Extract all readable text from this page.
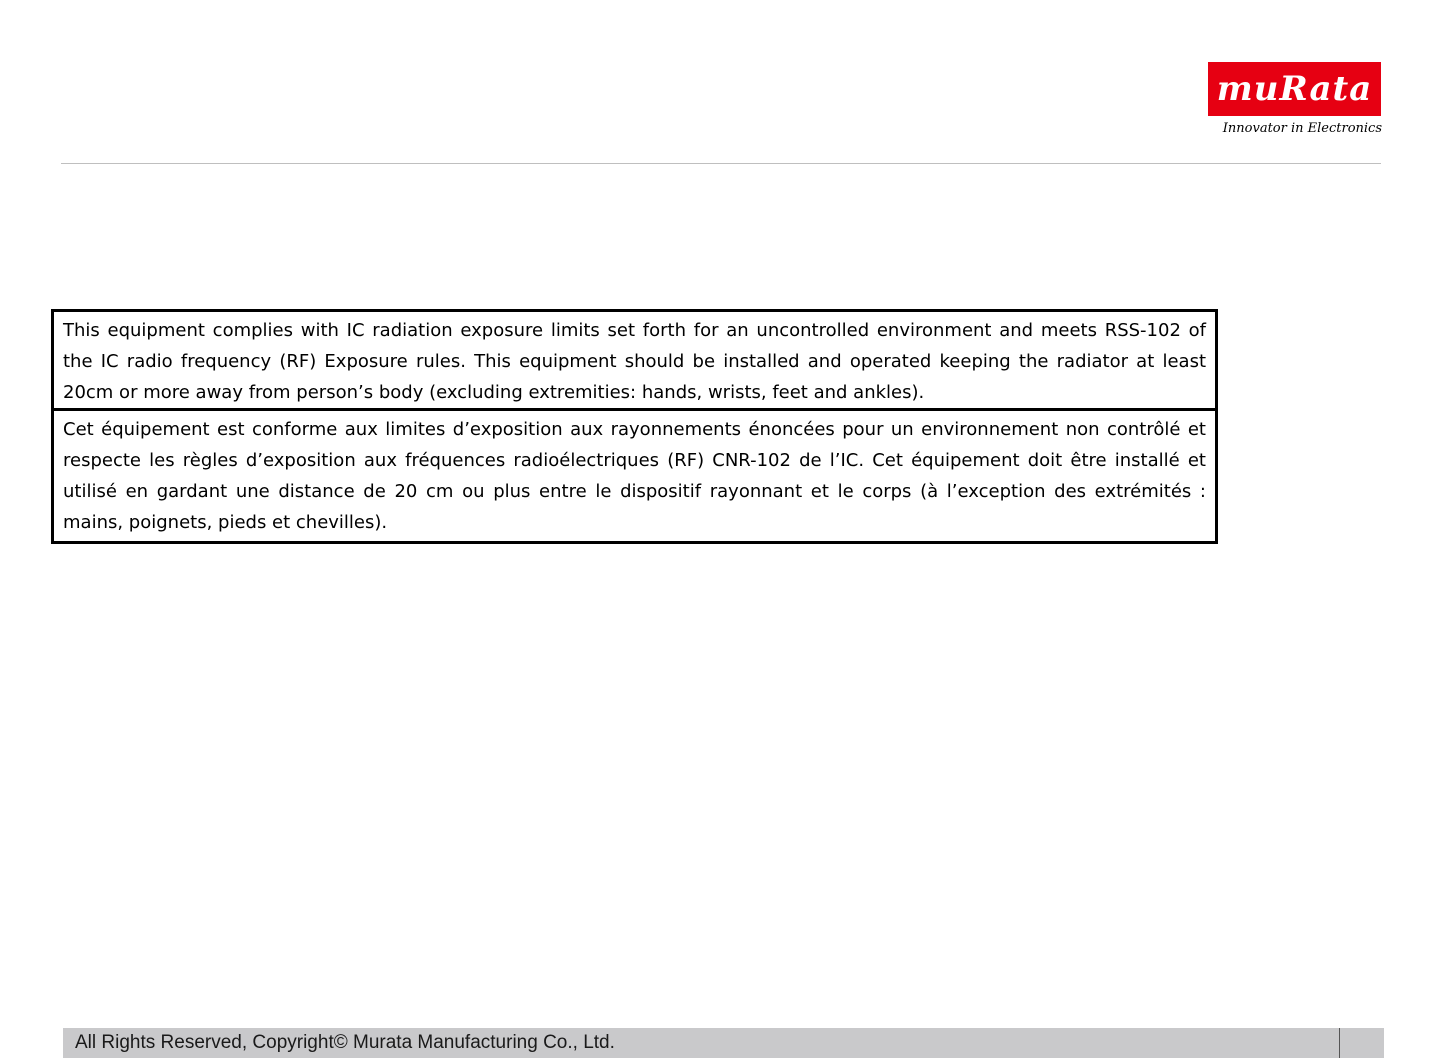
muRata
Innovator in Electronics
This equipment complies with IC radiation exposure limits set forth for an uncontrolled environment and meets RSS-102 of the IC radio frequency (RF) Exposure rules. This equipment should be installed and operated keeping the radiator at least 20cm or more away from person’s body (excluding extremities: hands, wrists, feet and ankles).
Cet équipement est conforme aux limites d’exposition aux rayonnements énoncées pour un environnement non contrôlé et respecte les règles d’exposition aux fréquences radioélectriques (RF) CNR-102 de l’IC. Cet équipement doit être installé et utilisé en gardant une distance de 20 cm ou plus entre le dispositif rayonnant et le corps (à l’exception des extrémités : mains, poignets, pieds et chevilles).
All Rights Reserved, Copyright© Murata Manufacturing Co., Ltd.
